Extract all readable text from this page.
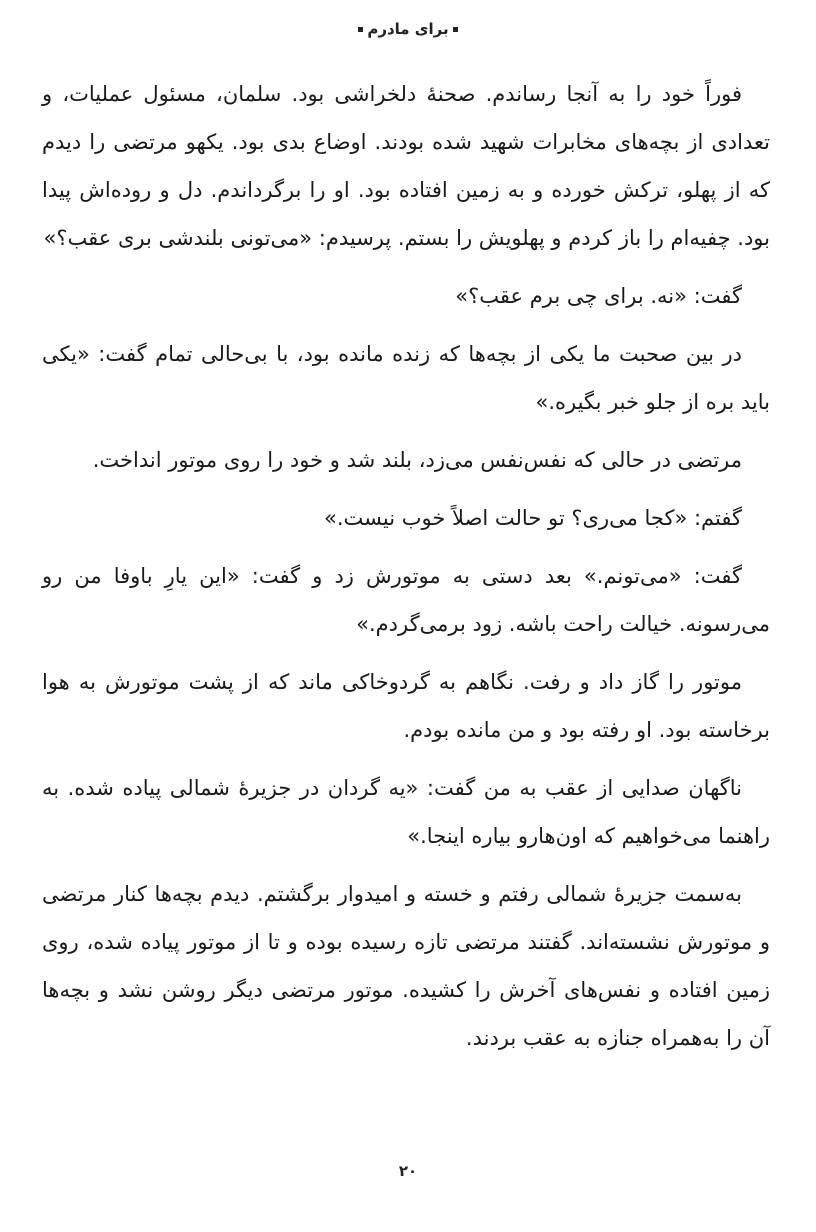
برای مادرم

فوراً خود را به آنجا رساندم. صحنهٔ دلخراشی بود. سلمان، مسئول عملیات، و تعدادی از بچه‌های مخابرات شهید شده بودند. اوضاع بدی بود. یکهو مرتضی را دیدم که از پهلو، ترکش خورده و به زمین افتاده بود. او را برگرداندم. دل و روده‌اش پیدا بود. چفیه‌ام را باز کردم و پهلویش را بستم. پرسیدم: «می‌تونی بلندشی بری عقب؟»

گفت: «نه. برای چی برم عقب؟»

در بین صحبت ما یکی از بچه‌ها که زنده مانده بود، با بی‌حالی تمام گفت: «یکی باید بره از جلو خبر بگیره.»

مرتضی در حالی که نفس‌نفس می‌زد، بلند شد و خود را روی موتور انداخت.

گفتم: «کجا می‌ری؟ تو حالت اصلاً خوب نیست.»

گفت: «می‌تونم.» بعد دستی به موتورش زد و گفت: «این یارِ باوفا من رو می‌رسونه. خیالت راحت باشه. زود برمی‌گردم.»

موتور را گاز داد و رفت. نگاهم به گردوخاکی ماند که از پشت موتورش به هوا برخاسته بود. او رفته بود و من مانده بودم.

ناگهان صدایی از عقب به من گفت: «یه گردان در جزیرهٔ شمالی پیاده شده. به راهنما می‌خواهیم که اون‌هارو بیاره اینجا.»

به‌سمت جزیرهٔ شمالی رفتم و خسته و امیدوار برگشتم. دیدم بچه‌ها کنار مرتضی و موتورش نشسته‌اند. گفتند مرتضی تازه رسیده بوده و تا از موتور پیاده شده، روی زمین افتاده و نفس‌های آخرش را کشیده. موتور مرتضی دیگر روشن نشد و بچه‌ها آن را به‌همراه جنازه به عقب بردند.

۲۰
